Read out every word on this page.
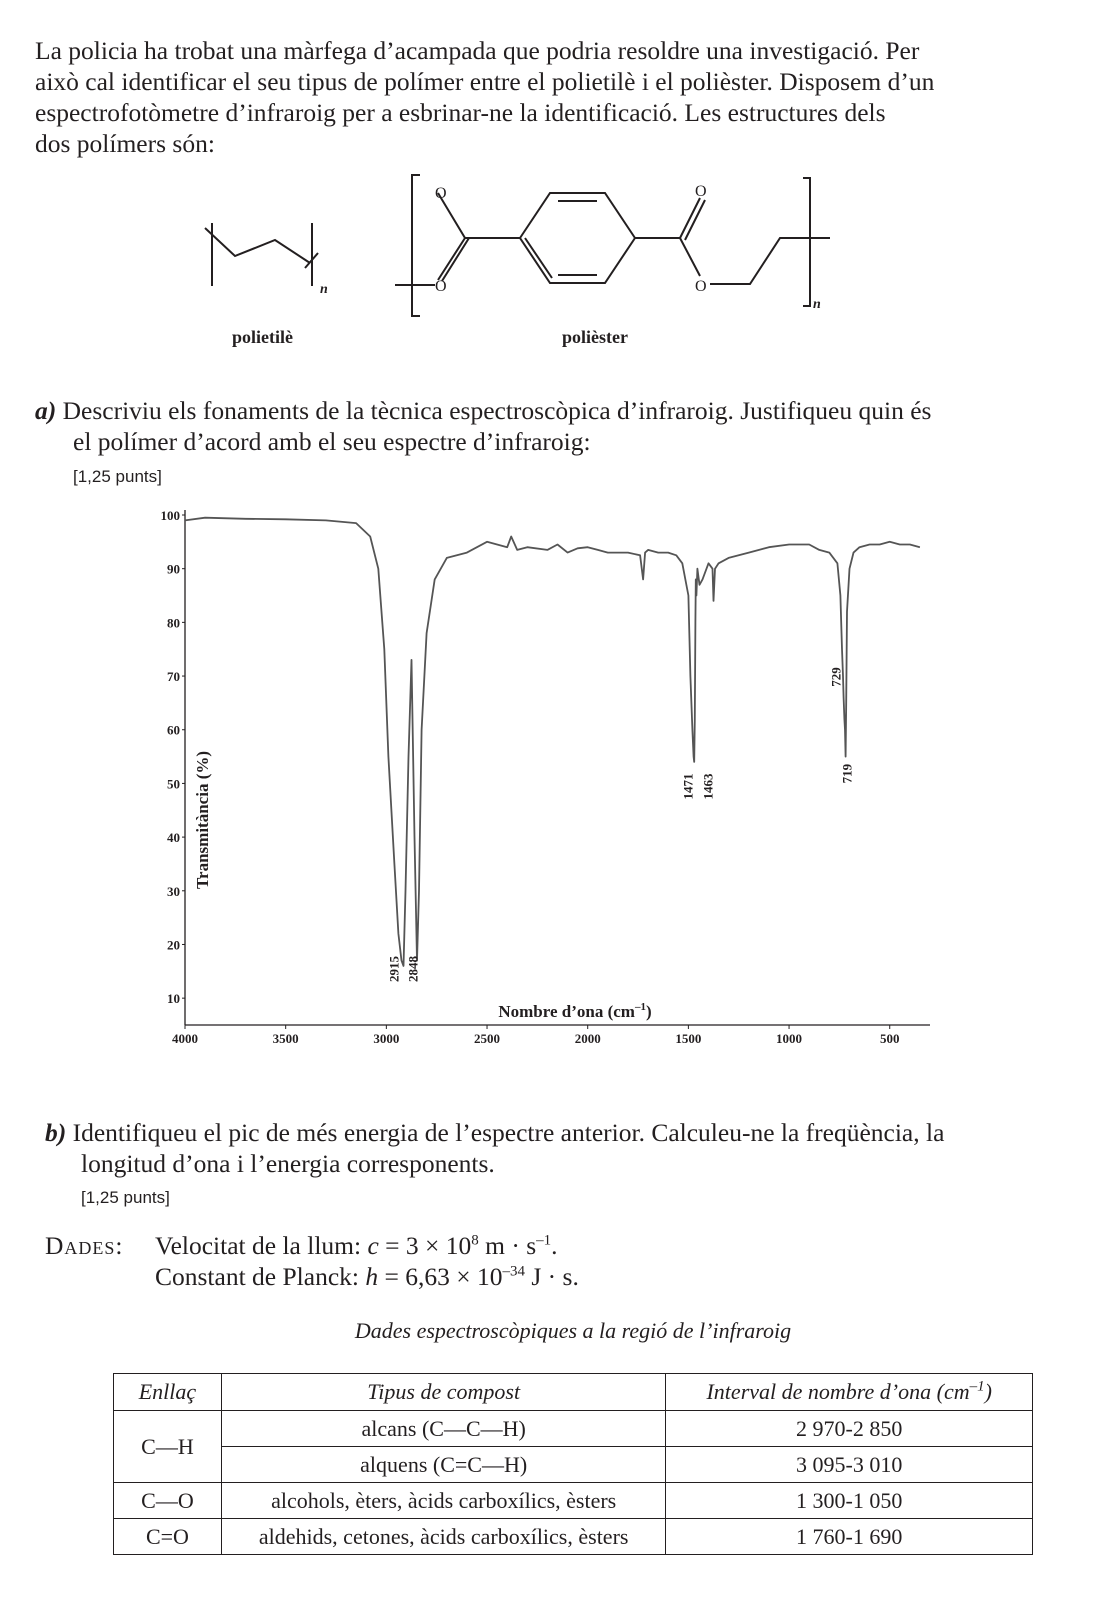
La policia ha trobat una màrfega d’acampada que podria resoldre una investigació. Per
això cal identificar el seu tipus de polímer entre el polietilè i el polièster. Disposem d’un
espectrofotòmetre d’infraroig per a esbrinar-ne la identificació. Les estructures dels
dos polímers són:
n
O
O
O
O
n
polietilè	polièster
a) Descriviu els fonaments de la tècnica espectroscòpica d’infraroig. Justifiqueu quin és
el polímer d’acord amb el seu espectre d’infraroig:
[1,25 punts]
100
90
80
70
60
50
40
30
20
10
4000	3500	3000	2500	2000	1500	1000	500
Transmitància (%)
Nombre d’ona $(cm^{-1})$
2915 2848
1471 1463
729
719
b) Identifiqueu el pic de més energia de l’espectre anterior. Calculeu-ne la freqüència, la
longitud d’ona i l’energia corresponents.
[1,25 punts]
Dades: Velocitat de la llum: $c = 3 \times 10^8$ $m \cdot s^{-1}$.
Constant de Planck: $h = 6,63 \times 10^{-34}$ J · s.
Dades espectroscòpiques a la regió de l’infraroig
Enllaç	Tipus de compost	Interval de nombre d’ona $(cm^{-1})$
C—H	alcans (C—C—H)	2 970-2 850
	alquens (C=C—H)	3 095-3 010
C—O	alcohols, èters, àcids carboxílics, èsters	1 300-1 050
C=O	aldehids, cetones, àcids carboxílics, èsters	1 760-1 690
